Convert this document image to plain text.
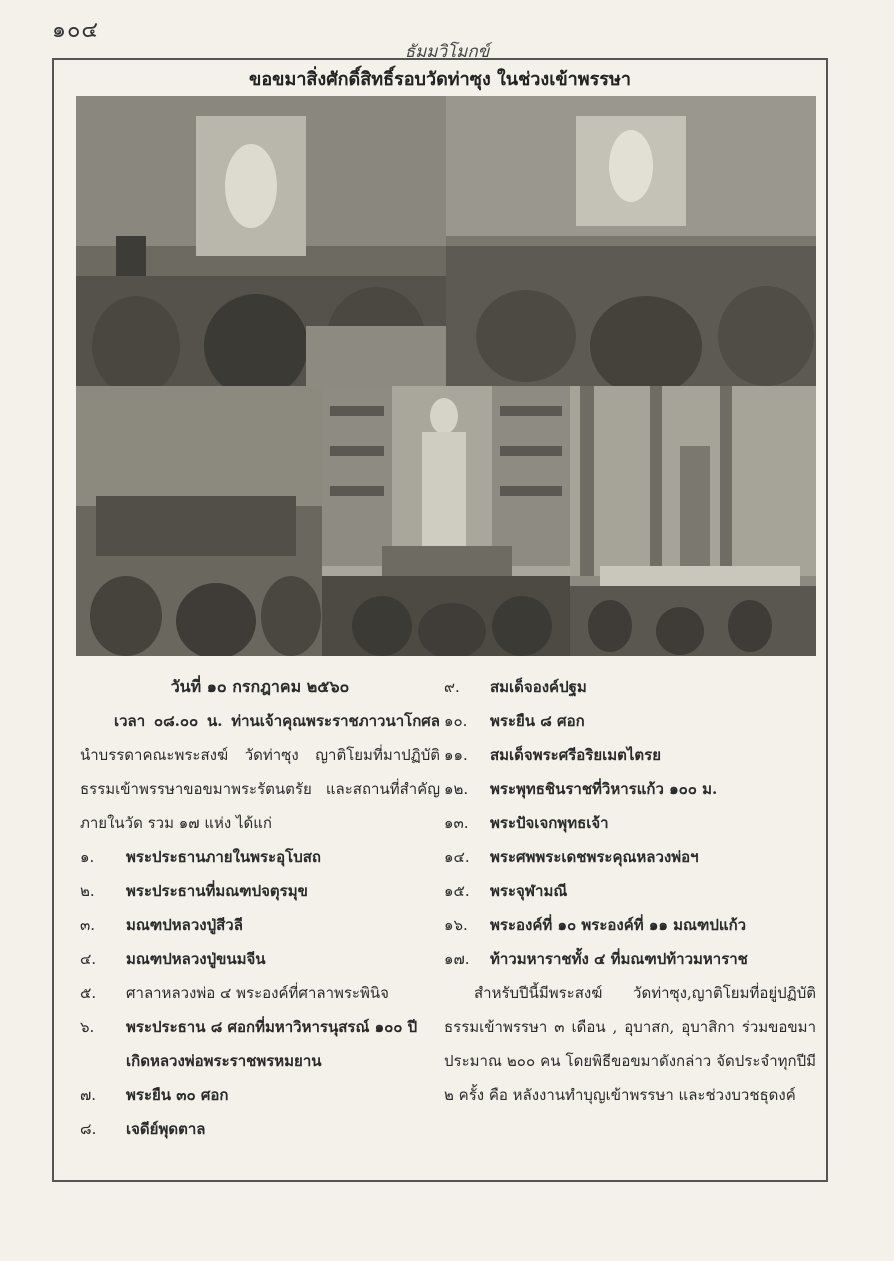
๑๐๔
ธัมมวิโมกข์
ขอขมาสิ่งศักดิ์สิทธิ์รอบวัดท่าซุง ในช่วงเข้าพรรษา
วันที่ ๑๐ กรกฎาคม ๒๕๖๐
เวลา ๐๘.๐๐ น. ท่านเจ้าคุณพระราชภาวนาโกศล นำบรรดาคณะพระสงฆ์ วัดท่าซุง ญาติโยมที่มาปฏิบัติธรรมเข้าพรรษาขอขมาพระรัตนตรัย และสถานที่สำคัญภายในวัด รวม ๑๗ แห่ง ได้แก่
๑.	พระประธานภายในพระอุโบสถ
๒.	พระประธานที่มณฑปจตุรมุข
๓.	มณฑปหลวงปู่สีวลี
๔.	มณฑปหลวงปู่ขนมจีน
๕.	ศาลาหลวงพ่อ ๔ พระองค์ที่ศาลาพระพินิจ
๖.	พระประธาน ๘ ศอกที่มหาวิหารนุสรณ์ ๑๐๐ ปีเกิดหลวงพ่อพระราชพรหมยาน
๗.	พระยืน ๓๐ ศอก
๘.	เจดีย์พุดตาล
๙.	สมเด็จองค์ปฐม
๑๐.	พระยืน ๘ ศอก
๑๑.	สมเด็จพระศรีอริยเมตไตรย
๑๒.	พระพุทธชินราชที่วิหารแก้ว ๑๐๐ ม.
๑๓.	พระปัจเจกพุทธเจ้า
๑๔.	พระศพพระเดชพระคุณหลวงพ่อฯ
๑๕.	พระจุฬามณี
๑๖.	พระองค์ที่ ๑๐ พระองค์ที่ ๑๑ มณฑปแก้ว
๑๗.	ท้าวมหาราชทั้ง ๔ ที่มณฑปท้าวมหาราช
สำหรับปีนี้มีพระสงฆ์ วัดท่าซุง,ญาติโยมที่อยู่ปฏิบัติธรรมเข้าพรรษา ๓ เดือน , อุบาสก, อุบาสิกา ร่วมขอขมาประมาณ ๒๐๐ คน โดยพิธีขอขมาดังกล่าว จัดประจำทุกปีมี ๒ ครั้ง คือ หลังงานทำบุญเข้าพรรษา และช่วงบวชธุดงค์
